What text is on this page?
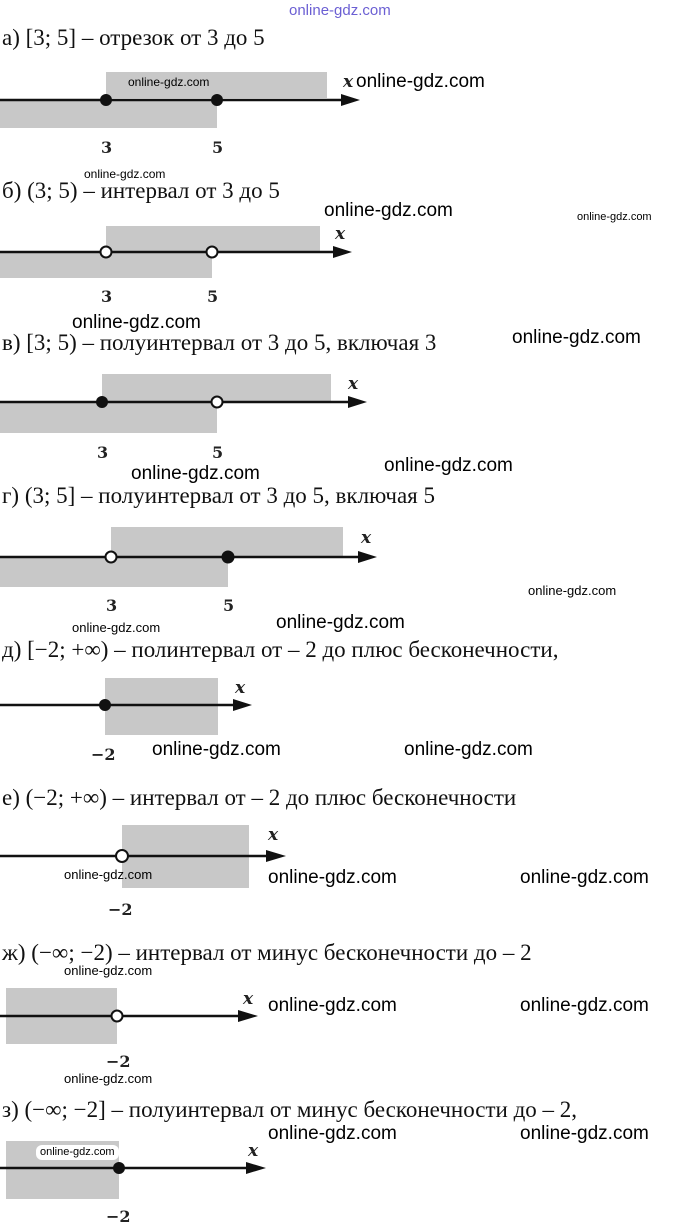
online-gdz.com
а) [3; 5] – отрезок от 3 до 5
x
3	5
б) (3; 5) – интервал от 3 до 5
x
3	5
в) [3; 5) – полуинтервал от 3 до 5, включая 3
x
3	5
г) (3; 5] – полуинтервал от 3 до 5, включая 5
x
3	5
д) [−2; +∞) – полинтервал от – 2 до плюс бесконечности,
x
−2
е) (−2; +∞) – интервал от – 2 до плюс бесконечности
x
−2
ж) (−∞; −2) – интервал от минус бесконечности до – 2
x
−2
з) (−∞; −2] – полуинтервал от минус бесконечности до – 2,
x
−2
online-gdz.com	online-gdz.com
online-gdz.com
online-gdz.com	online-gdz.com
online-gdz.com
online-gdz.com
online-gdz.com	online-gdz.com
online-gdz.com
online-gdz.com	online-gdz.com
online-gdz.com	online-gdz.com
online-gdz.com	online-gdz.com	online-gdz.com
online-gdz.com
online-gdz.com	online-gdz.com
online-gdz.com
online-gdz.com	online-gdz.com
online-gdz.com
